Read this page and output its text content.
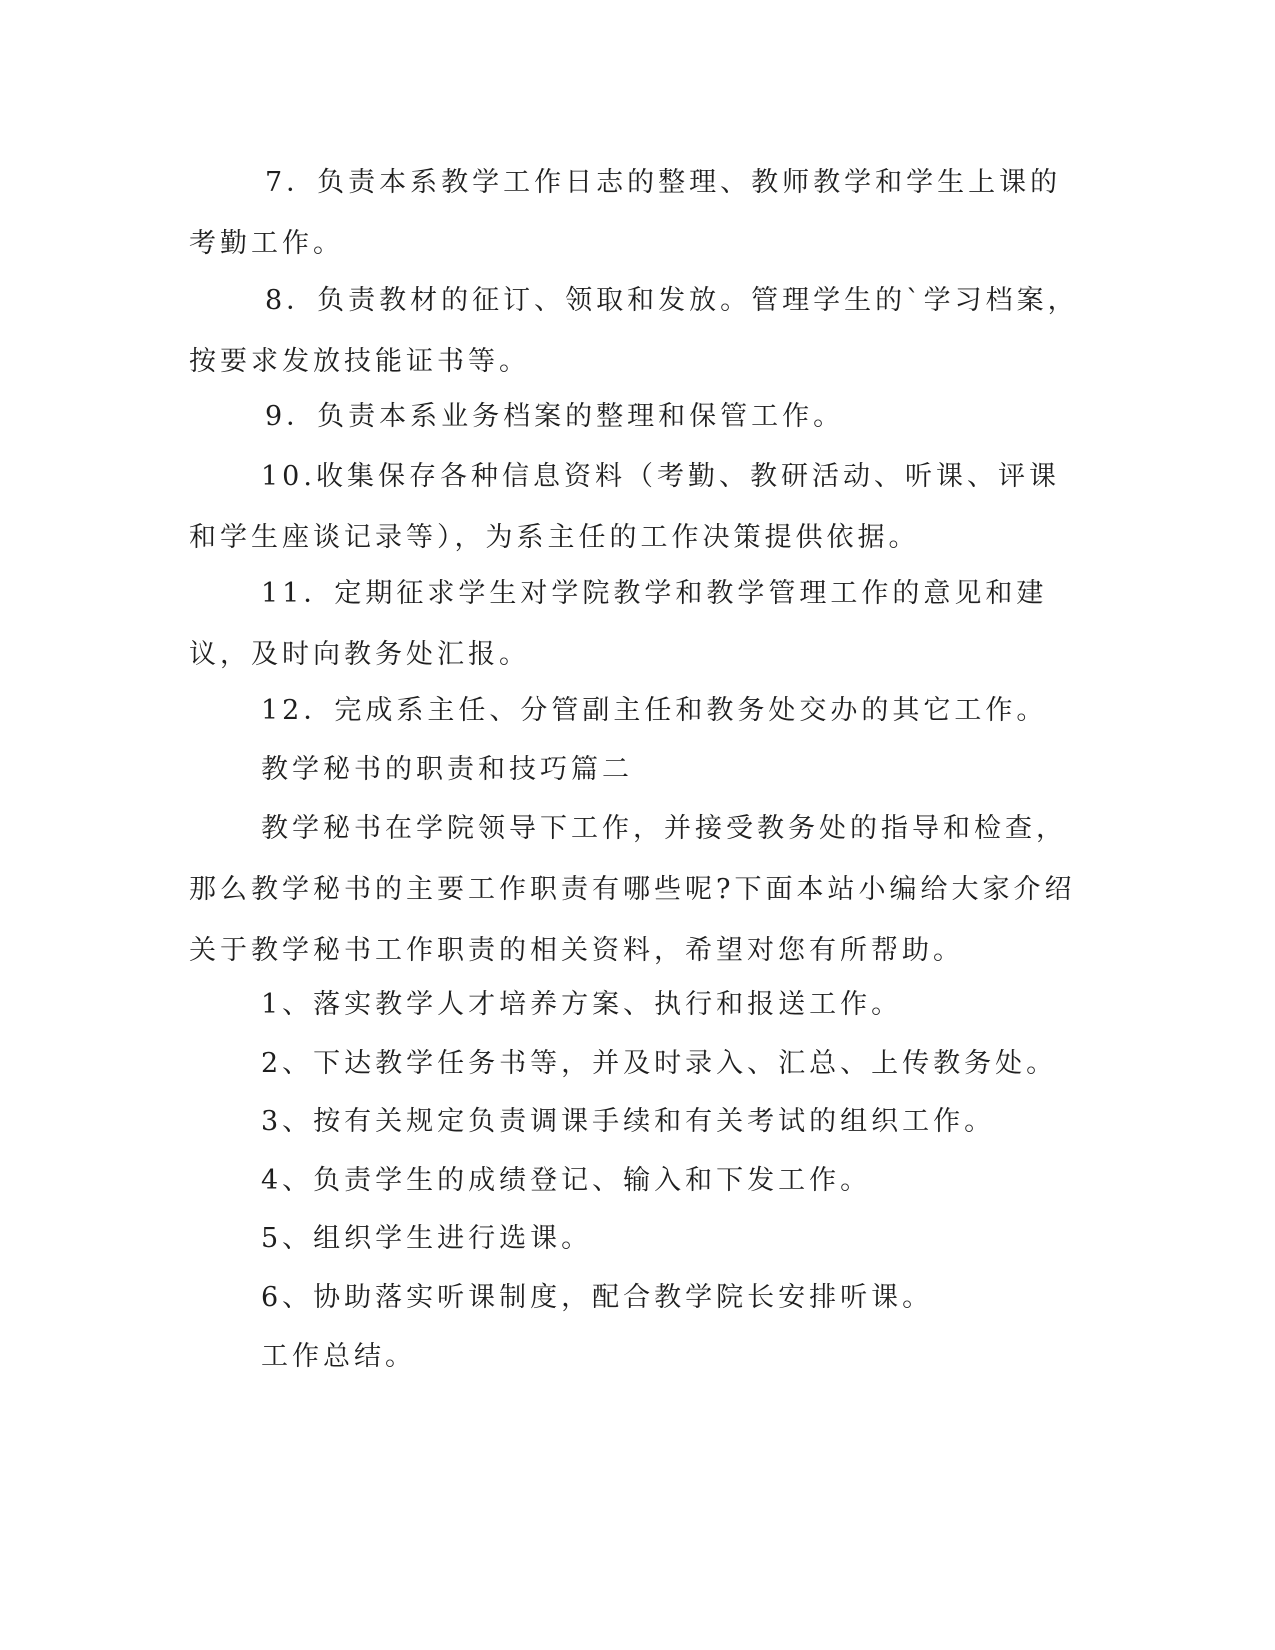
7．负责本系教学工作日志的整理、教师教学和学生上课的考勤工作。

8．负责教材的征订、领取和发放。管理学生的`学习档案，按要求发放技能证书等。

9．负责本系业务档案的整理和保管工作。

10.收集保存各种信息资料（考勤、教研活动、听课、评课和学生座谈记录等），为系主任的工作决策提供依据。

11．定期征求学生对学院教学和教学管理工作的意见和建议，及时向教务处汇报。

12．完成系主任、分管副主任和教务处交办的其它工作。

教学秘书的职责和技巧篇二

教学秘书在学院领导下工作，并接受教务处的指导和检查，那么教学秘书的主要工作职责有哪些呢?下面本站小编给大家介绍关于教学秘书工作职责的相关资料，希望对您有所帮助。

1、落实教学人才培养方案、执行和报送工作。

2、下达教学任务书等，并及时录入、汇总、上传教务处。

3、按有关规定负责调课手续和有关考试的组织工作。

4、负责学生的成绩登记、输入和下发工作。

5、组织学生进行选课。

6、协助落实听课制度，配合教学院长安排听课。

工作总结。
